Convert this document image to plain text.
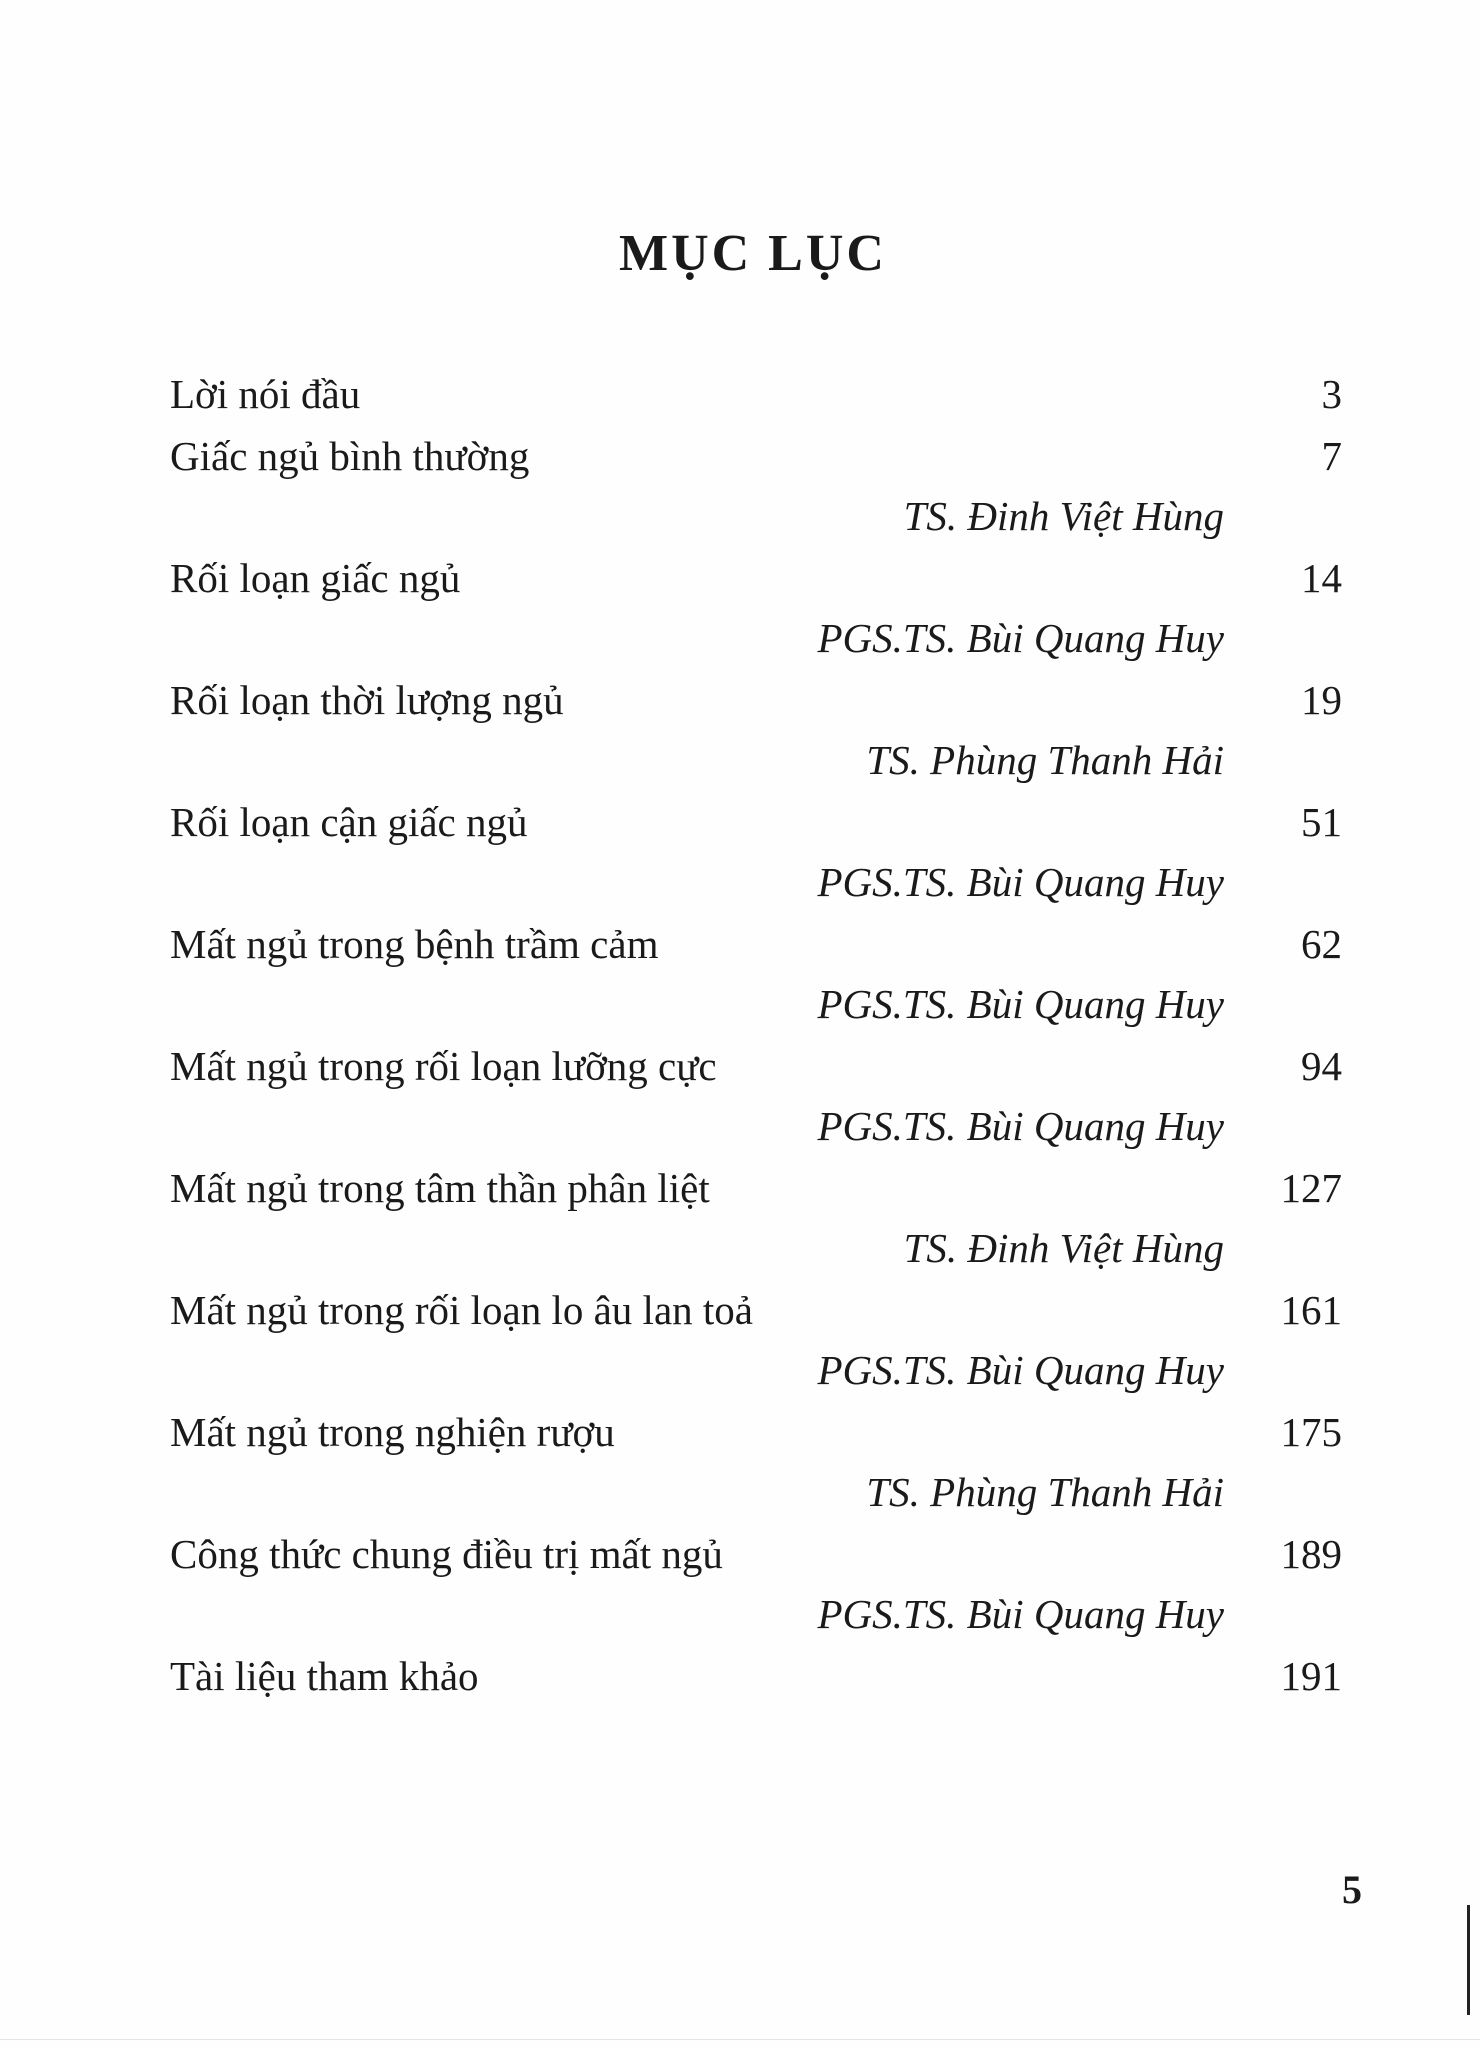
MỤC LỤC
Lời nói đầu	3
Giấc ngủ bình thường	7
TS. Đinh Việt Hùng
Rối loạn giấc ngủ	14
PGS.TS. Bùi Quang Huy
Rối loạn thời lượng ngủ	19
TS. Phùng Thanh Hải
Rối loạn cận giấc ngủ	51
PGS.TS. Bùi Quang Huy
Mất ngủ trong bệnh trầm cảm	62
PGS.TS. Bùi Quang Huy
Mất ngủ trong rối loạn lưỡng cực	94
PGS.TS. Bùi Quang Huy
Mất ngủ trong tâm thần phân liệt	127
TS. Đinh Việt Hùng
Mất ngủ trong rối loạn lo âu lan toả	161
PGS.TS. Bùi Quang Huy
Mất ngủ trong nghiện rượu	175
TS. Phùng Thanh Hải
Công thức chung điều trị mất ngủ	189
PGS.TS. Bùi Quang Huy
Tài liệu tham khảo	191
5
